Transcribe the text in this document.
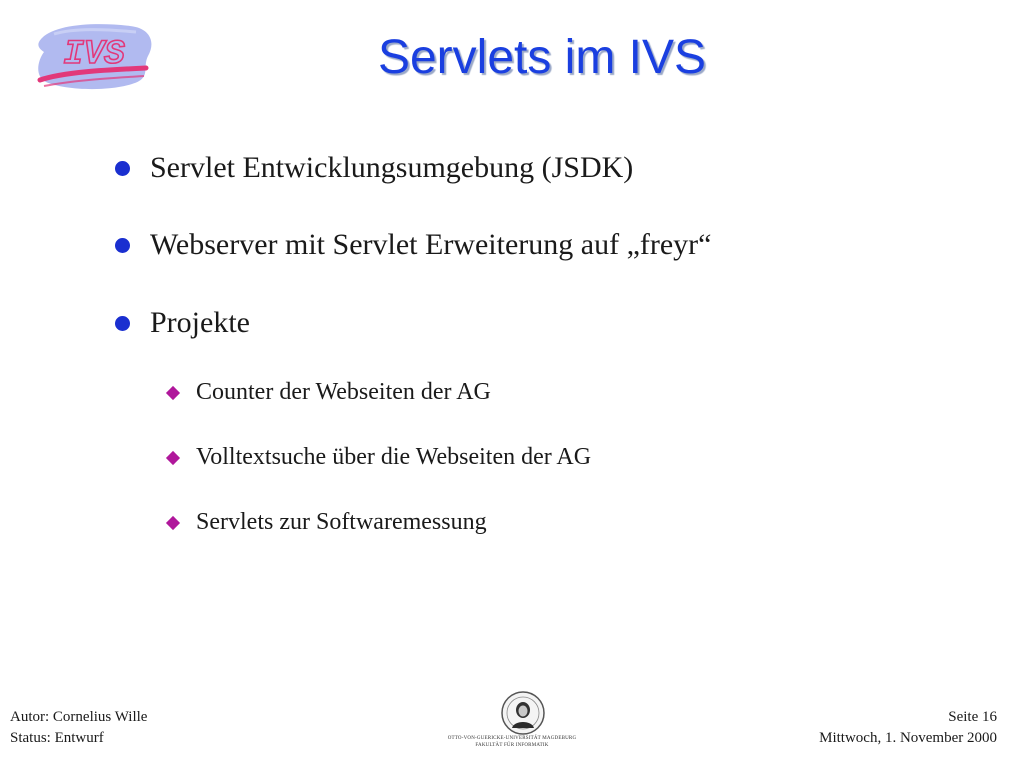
IVS	Servlets im IVS
Servlet Entwicklungsumgebung (JSDK)
Webserver mit Servlet Erweiterung auf „freyr“
Projekte
Counter der Webseiten der AG
Volltextsuche über die Webseiten der AG
Servlets zur Softwaremessung
Autor: Cornelius Wille
Status: Entwurf	OTTO-VON-GUERICKE-UNIVERSITÄT MAGDEBURG
FAKULTÄT FÜR INFORMATIK
Seite 16
Mittwoch, 1. November 2000
